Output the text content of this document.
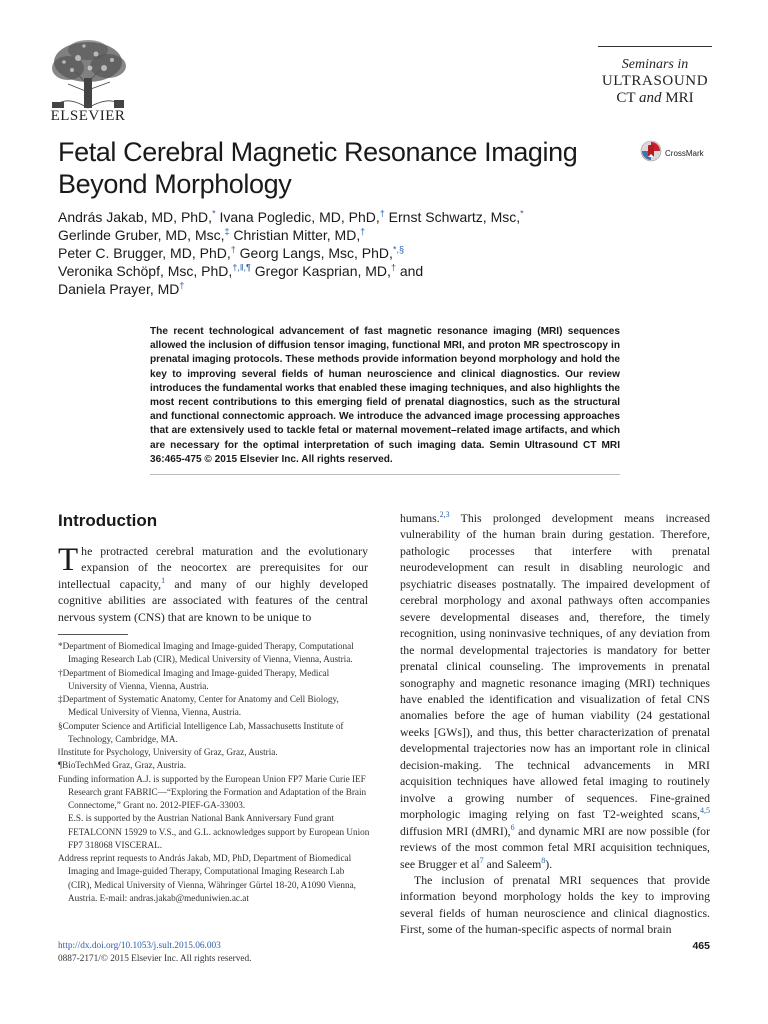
ELSEVIER
Seminars in
ULTRASOUND
CT and MRI
CrossMark
Fetal Cerebral Magnetic Resonance Imaging
Beyond Morphology
András Jakab, MD, PhD,* Ivana Pogledic, MD, PhD,† Ernst Schwartz, Msc,*
Gerlinde Gruber, MD, Msc,‡ Christian Mitter, MD,†
Peter C. Brugger, MD, PhD,† Georg Langs, Msc, PhD,*,§
Veronika Schöpf, Msc, PhD,†,‖,¶ Gregor Kasprian, MD,† and
Daniela Prayer, MD†
The recent technological advancement of fast magnetic resonance imaging (MRI) sequences allowed the inclusion of diffusion tensor imaging, functional MRI, and proton MR spectroscopy in prenatal imaging protocols. These methods provide information beyond morphology and hold the key to improving several fields of human neuroscience and clinical diagnostics. Our review introduces the fundamental works that enabled these imaging techniques, and also highlights the most recent contributions to this emerging field of prenatal diagnostics, such as the structural and functional connectomic approach. We introduce the advanced image processing approaches that are extensively used to tackle fetal or maternal movement–related image artifacts, and which are necessary for the optimal interpretation of such imaging data. Semin Ultrasound CT MRI 36:465-475 © 2015 Elsevier Inc. All rights reserved.
Introduction

The protracted cerebral maturation and the evolutionary expansion of the neocortex are prerequisites for our intellectual capacity,$^1$ and many of our highly developed cognitive abilities are associated with features of the central nervous system (CNS) that are known to be unique to

*Department of Biomedical Imaging and Image-guided Therapy, Computational Imaging Research Lab (CIR), Medical University of Vienna, Vienna, Austria.

†Department of Biomedical Imaging and Image-guided Therapy, Medical University of Vienna, Vienna, Austria.

‡Department of Systematic Anatomy, Center for Anatomy and Cell Biology, Medical University of Vienna, Vienna, Austria.

§Computer Science and Artificial Intelligence Lab, Massachusetts Institute of Technology, Cambridge, MA.

‖Institute for Psychology, University of Graz, Graz, Austria.

¶BioTechMed Graz, Graz, Austria.

Funding information A.J. is supported by the European Union FP7 Marie Curie IEF Research grant FABRIC—“Exploring the Formation and Adaptation of the Brain Connectome,” Grant no. 2012-PIEF-GA-33003.

E.S. is supported by the Austrian National Bank Anniversary Fund grant FETALCONN 15929 to V.S., and G.L. acknowledges support by European Union FP7 318068 VISCERAL.

Address reprint requests to András Jakab, MD, PhD, Department of Biomedical Imaging and Image-guided Therapy, Computational Imaging Research Lab (CIR), Medical University of Vienna, Währinger Gürtel 18-20, A1090 Vienna, Austria. E-mail: andras.jakab@meduniwien.ac.at

humans.$^{2,3}$ This prolonged development means increased vulnerability of the human brain during gestation. Therefore, pathologic processes that interfere with prenatal neurodevelopment can result in disabling neurologic and psychiatric diseases postnatally. The impaired development of cerebral morphology and axonal pathways often accompanies severe developmental diseases and, therefore, the timely recognition, using noninvasive techniques, of any deviation from the normal developmental trajectories is mandatory for better prenatal clinical counseling. The improvements in prenatal sonography and magnetic resonance imaging (MRI) techniques have enabled the identification and visualization of fetal CNS anomalies before the age of human viability (24 gestational weeks [GWs]), and thus, this better characterization of prenatal developmental trajectories now has an important role in clinical decision-making. The technical advancements in MRI acquisition techniques have allowed fetal imaging to routinely involve a growing number of sequences. Fine-grained morphologic imaging relying on fast T2-weighted scans,$^{4,5}$ diffusion MRI (dMRI),$^6$ and dynamic MRI are now possible (for reviews of the most common fetal MRI acquisition techniques, see Brugger et al$^7$ and Saleem$^8$).

The inclusion of prenatal MRI sequences that provide information beyond morphology holds the key to improving several fields of human neuroscience and clinical diagnostics. First, some of the human-specific aspects of normal brain

http://dx.doi.org/10.1053/j.sult.2015.06.003
0887-2171/© 2015 Elsevier Inc. All rights reserved.
465
